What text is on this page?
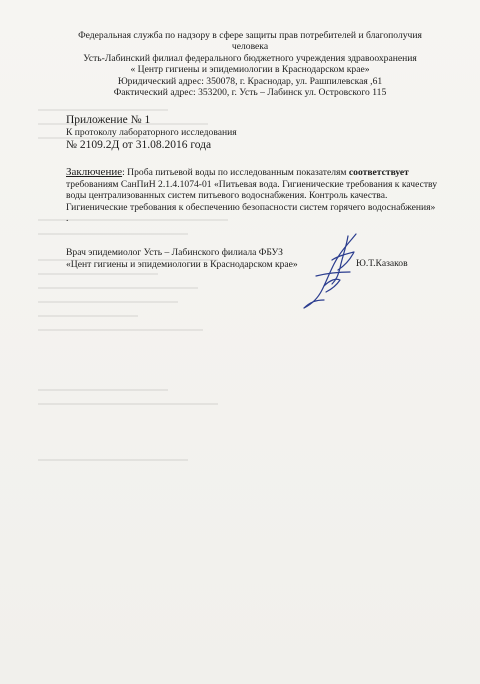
Федеральная служба по надзору в сфере защиты прав потребителей и благополучия
человека
Усть-Лабинский филиал федерального бюджетного учреждения здравоохранения
« Центр гигиены и эпидемиологии в Краснодарском крае»
Юридический адрес: 350078, г. Краснодар, ул. Рашпилевская ,61
Фактический адрес: 353200, г. Усть – Лабинск ул. Островского 115
Приложение № 1
К протоколу лабораторного исследования
№ 2109.2Д от 31.08.2016 года
Заключение: Проба питьевой воды по исследованным показателям соответствует
требованиям СанПиН 2.1.4.1074-01 «Питьевая вода. Гигиенические требования к качеству
воды централизованных систем питьевого водоснабжения. Контроль качества.
Гигиенические требования к обеспечению безопасности систем горячего водоснабжения»
.
Врач эпидемиолог Усть – Лабинского филиала ФБУЗ
«Цент гигиены и эпидемиологии в Краснодарском крае»	Ю.Т.Казаков
